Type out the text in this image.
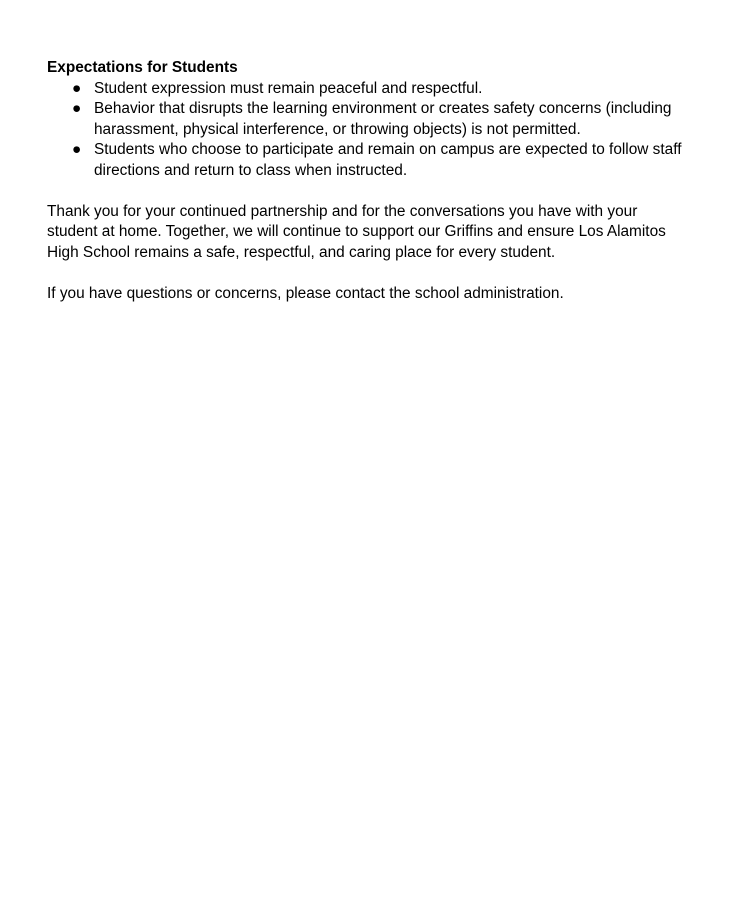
Expectations for Students

● Student expression must remain peaceful and respectful.
● Behavior that disrupts the learning environment or creates safety concerns (including harassment, physical interference, or throwing objects) is not permitted.
● Students who choose to participate and remain on campus are expected to follow staff directions and return to class when instructed.

Thank you for your continued partnership and for the conversations you have with your student at home. Together, we will continue to support our Griffins and ensure Los Alamitos High School remains a safe, respectful, and caring place for every student.

If you have questions or concerns, please contact the school administration.
